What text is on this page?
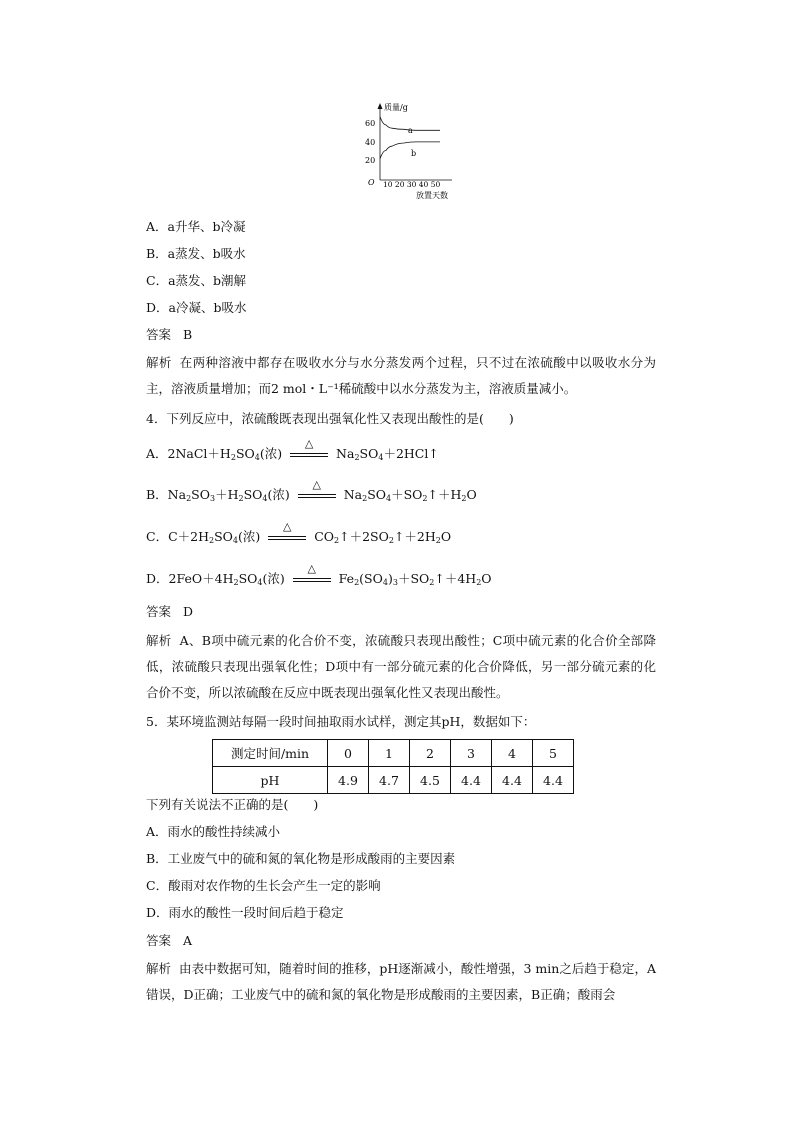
质量/g
60
40
20
O 10 20 30 40 50
放置天数
a
b
A．a升华、b冷凝
B．a蒸发、b吸水
C．a蒸发、b潮解
D．a冷凝、b吸水
答案 B
解析 在两种溶液中都存在吸收水分与水分蒸发两个过程，只不过在浓硫酸中以吸收水分为主，溶液质量增加；而2 mol・L⁻¹稀硫酸中以水分蒸发为主，溶液质量减小。
4．下列反应中，浓硫酸既表现出强氧化性又表现出酸性的是(　　)
A．$2NaCl+H_2SO_4$(浓)
△
$Na_2SO_4+2HCl↑$
B．$Na_2SO_3+H_2SO_4$(浓)
△
$Na_2SO_4+SO_2↑+H_2O$
C．$C+2H_2SO_4$(浓)
△
$CO_2↑+2SO_2↑+2H_2O$
D．$2FeO+4H_2SO_4$(浓)
△
$Fe_2(SO_4)_3+SO_2↑+4H_2O$
答案 D
解析 A、B项中硫元素的化合价不变，浓硫酸只表现出酸性；C项中硫元素的化合价全部降低，浓硫酸只表现出强氧化性；D项中有一部分硫元素的化合价降低，另一部分硫元素的化合价不变，所以浓硫酸在反应中既表现出强氧化性又表现出酸性。
5．某环境监测站每隔一段时间抽取雨水试样，测定其pH，数据如下：
测定时间/min	0	1	2	3	4	5
pH	4.9	4.7	4.5	4.4	4.4	4.4
下列有关说法不正确的是(　　)
A．雨水的酸性持续减小
B．工业废气中的硫和氮的氧化物是形成酸雨的主要因素
C．酸雨对农作物的生长会产生一定的影响
D．雨水的酸性一段时间后趋于稳定
答案 A
解析 由表中数据可知，随着时间的推移，pH逐渐减小，酸性增强，3 min之后趋于稳定，A错误，D正确；工业废气中的硫和氮的氧化物是形成酸雨的主要因素，B正确；酸雨会
